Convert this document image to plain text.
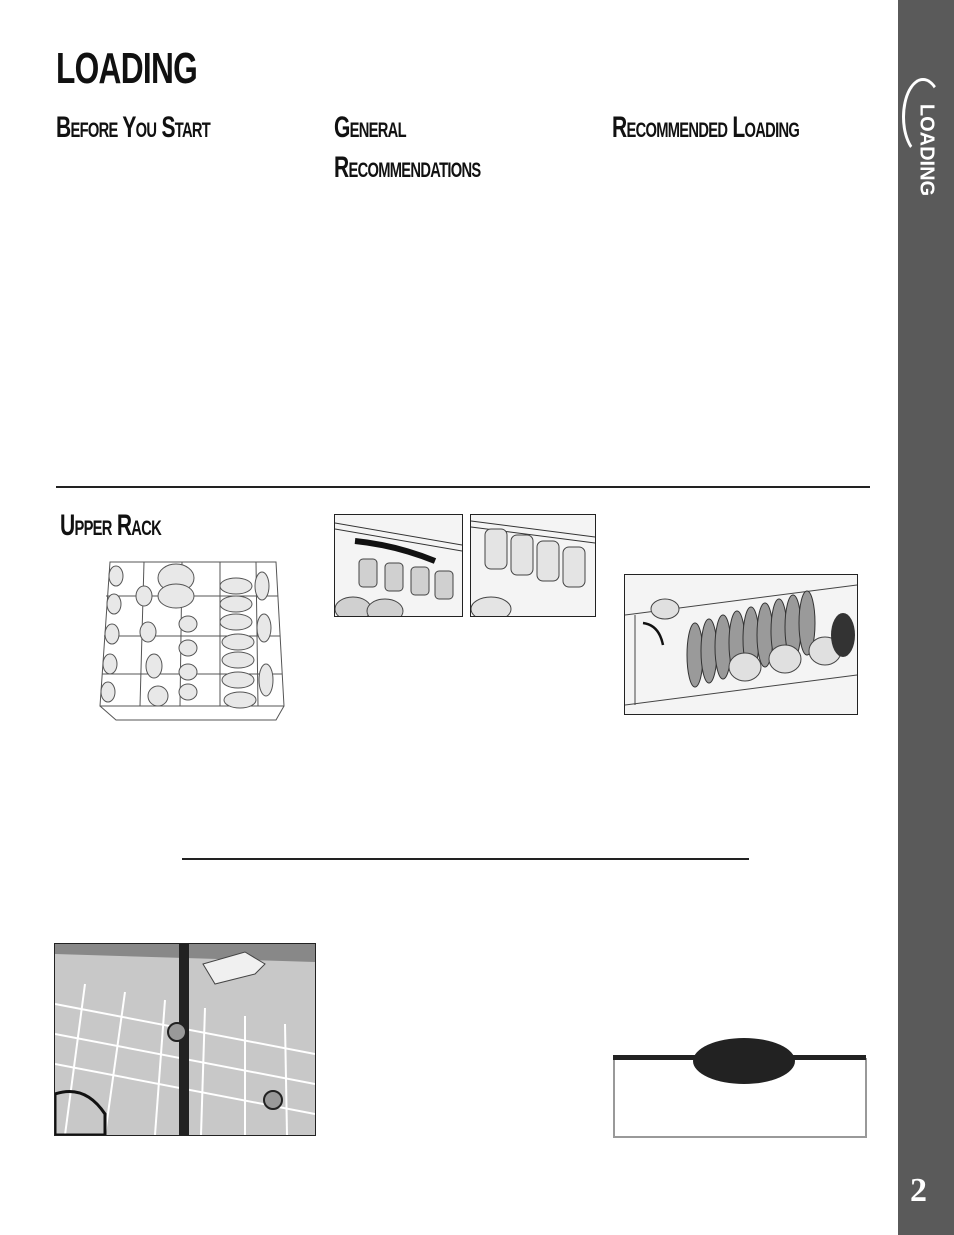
LOADING
Before You Start	General
Recommendations
Recommended Loading
Upper Rack
LOADING
2
